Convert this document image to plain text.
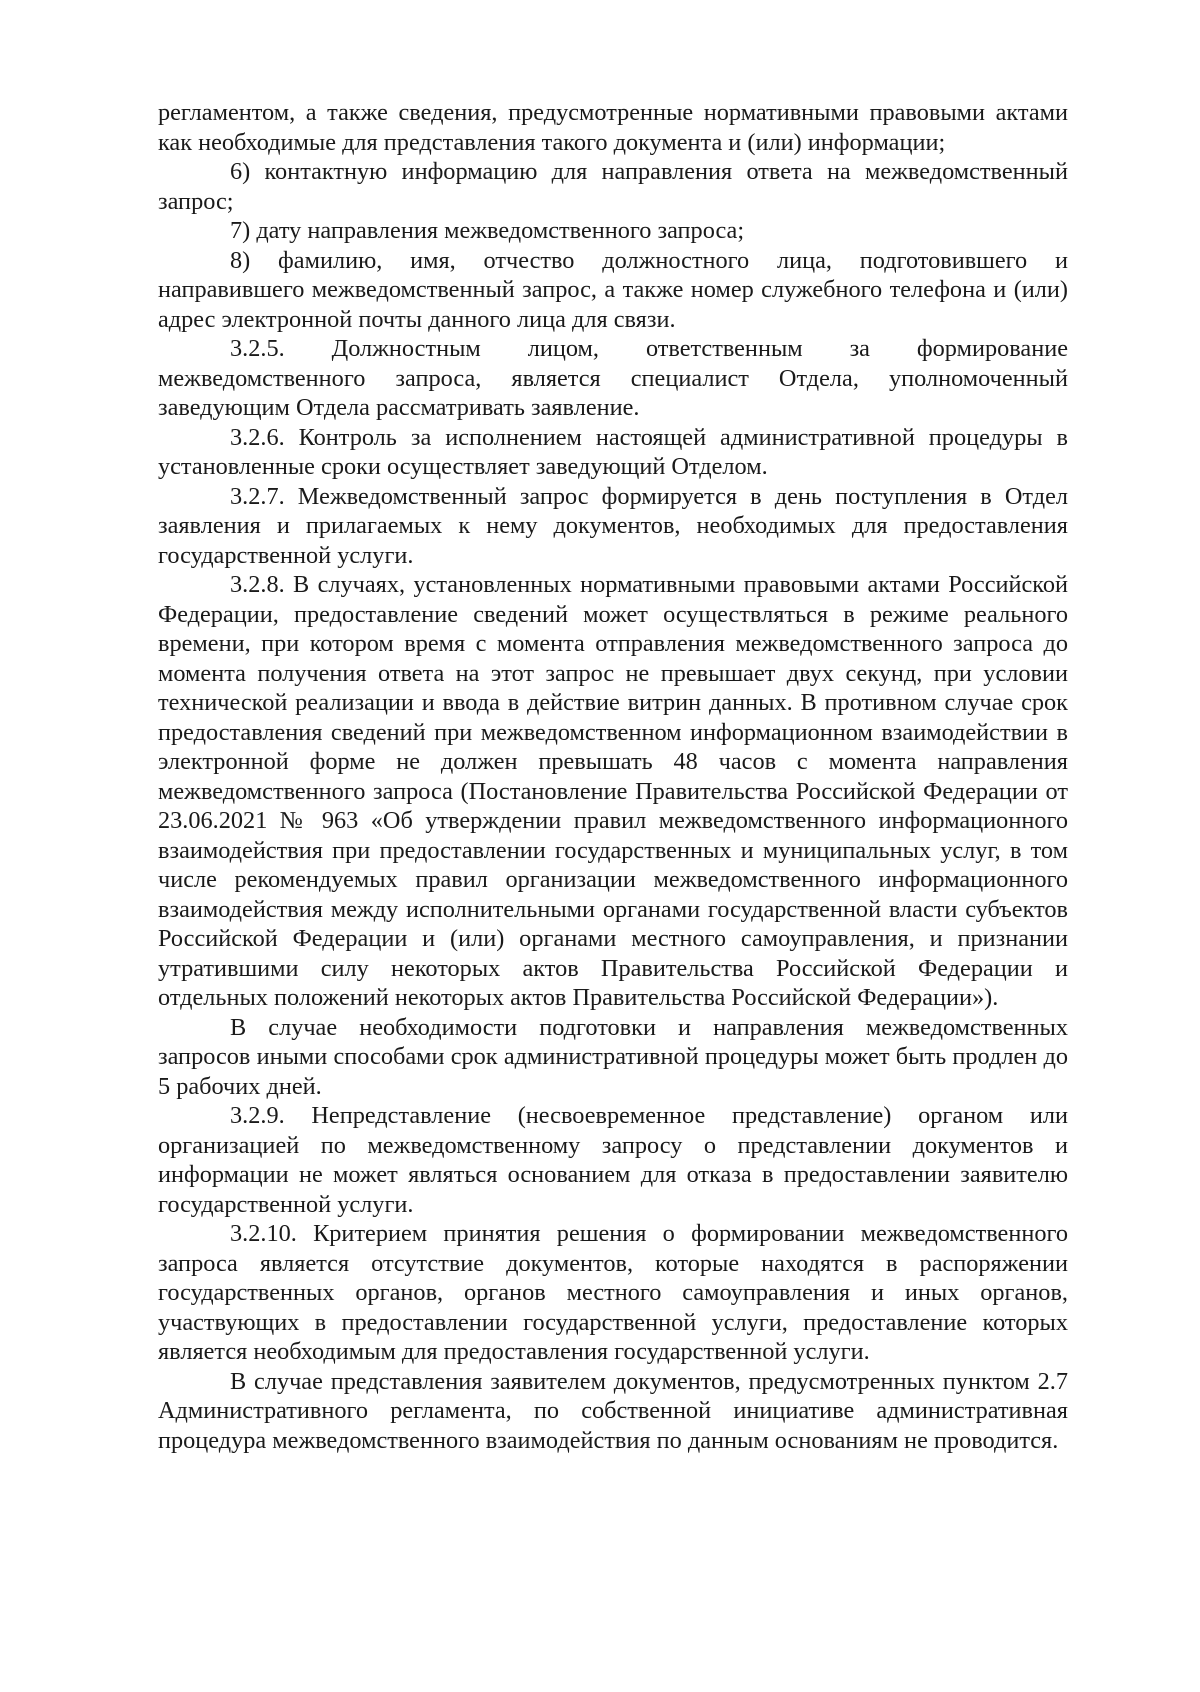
регламентом, а также сведения, предусмотренные нормативными правовыми актами как необходимые для представления такого документа и (или) информации;

6) контактную информацию для направления ответа на межведомственный запрос;

7) дату направления межведомственного запроса;

8) фамилию, имя, отчество должностного лица, подготовившего и направившего межведомственный запрос, а также номер служебного телефона и (или) адрес электронной почты данного лица для связи.

3.2.5. Должностным лицом, ответственным за формирование межведомственного запроса, является специалист Отдела, уполномоченный заведующим Отдела рассматривать заявление.

3.2.6. Контроль за исполнением настоящей административной процедуры в установленные сроки осуществляет заведующий Отделом.

3.2.7. Межведомственный запрос формируется в день поступления в Отдел заявления и прилагаемых к нему документов, необходимых для предоставления государственной услуги.

3.2.8. В случаях, установленных нормативными правовыми актами Российской Федерации, предоставление сведений может осуществляться в режиме реального времени, при котором время с момента отправления межведомственного запроса до момента получения ответа на этот запрос не превышает двух секунд, при условии технической реализации и ввода в действие витрин данных. В противном случае срок предоставления сведений при межведомственном информационном взаимодействии в электронной форме не должен превышать 48 часов с момента направления межведомственного запроса (Постановление Правительства Российской Федерации от 23.06.2021 № 963 «Об утверждении правил межведомственного информационного взаимодействия при предоставлении государственных и муниципальных услуг, в том числе рекомендуемых правил организации межведомственного информационного взаимодействия между исполнительными органами государственной власти субъектов Российской Федерации и (или) органами местного самоуправления, и признании утратившими силу некоторых актов Правительства Российской Федерации и отдельных положений некоторых актов Правительства Российской Федерации»).

В случае необходимости подготовки и направления межведомственных запросов иными способами срок административной процедуры может быть продлен до 5 рабочих дней.

3.2.9. Непредставление (несвоевременное представление) органом или организацией по межведомственному запросу о представлении документов и информации не может являться основанием для отказа в предоставлении заявителю государственной услуги.

3.2.10. Критерием принятия решения о формировании межведомственного запроса является отсутствие документов, которые находятся в распоряжении государственных органов, органов местного самоуправления и иных органов, участвующих в предоставлении государственной услуги, предоставление которых является необходимым для предоставления государственной услуги.

В случае представления заявителем документов, предусмотренных пунктом 2.7 Административного регламента, по собственной инициативе административная процедура межведомственного взаимодействия по данным основаниям не проводится.
